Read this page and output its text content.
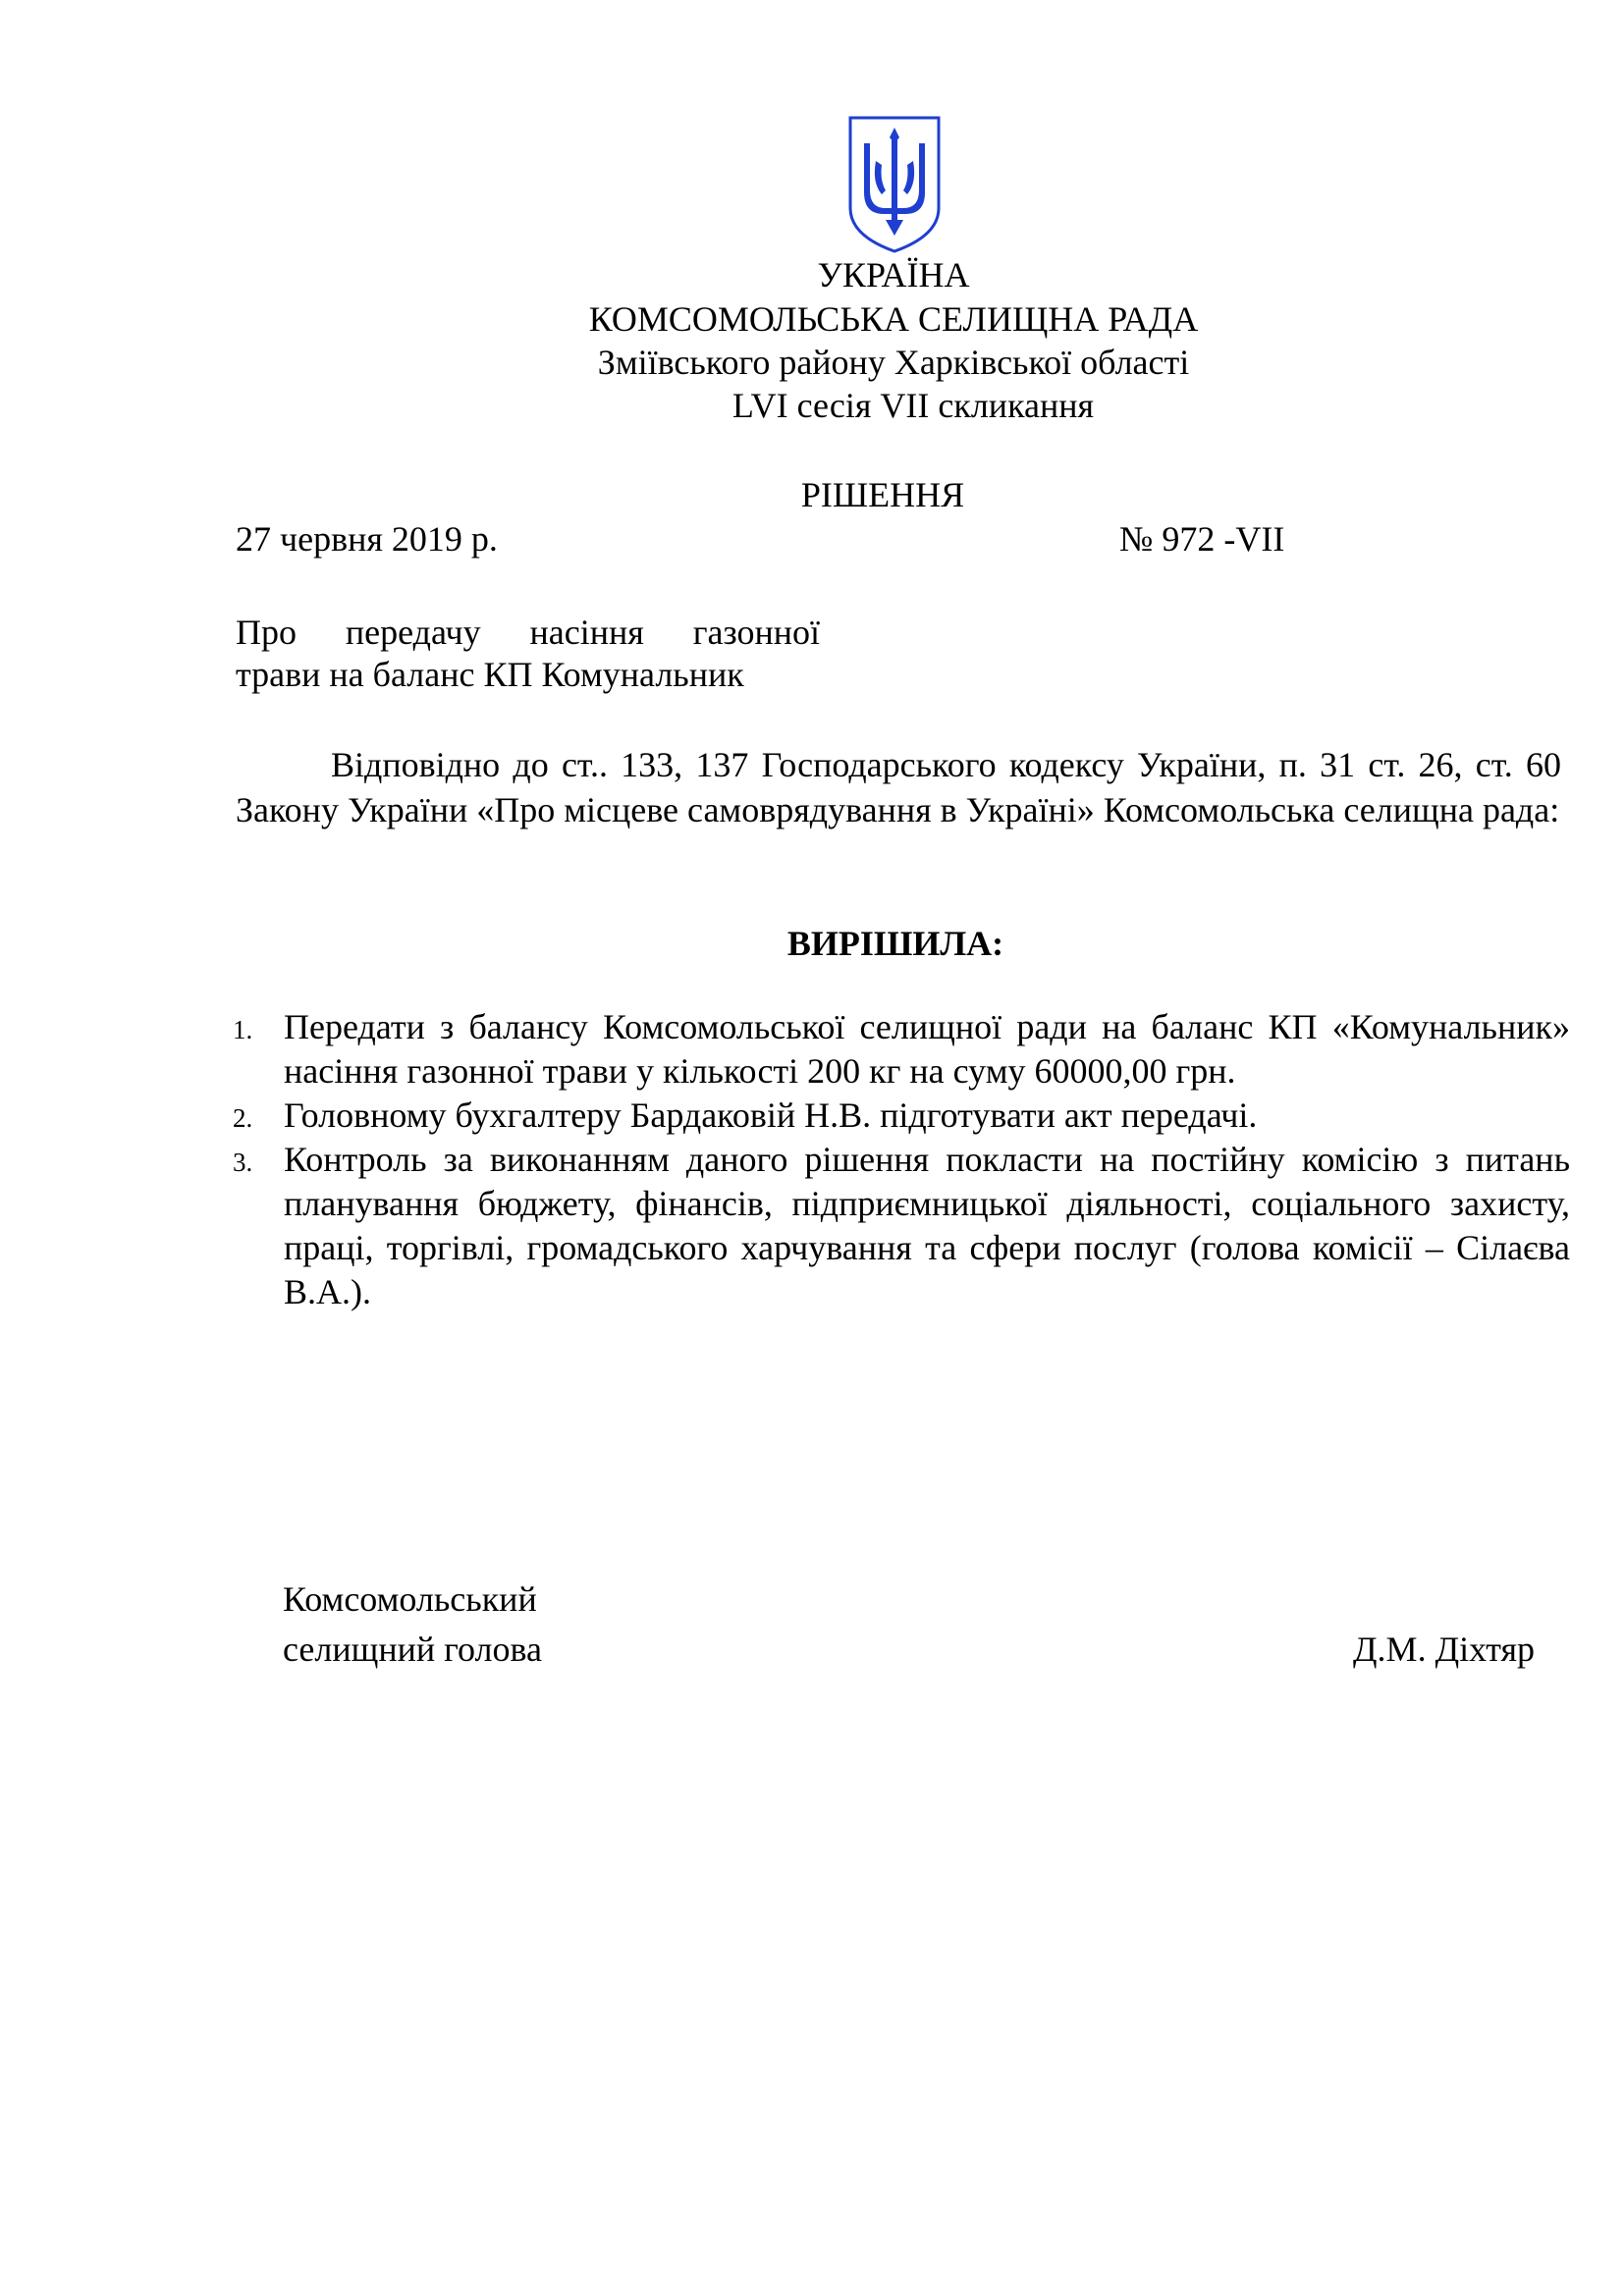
УКРАЇНА
КОМСОМОЛЬСЬКА СЕЛИЩНА РАДА
Зміївського району Харківської області
LVI сесія VII скликання
РІШЕННЯ
27 червня 2019 р.	№ 972 -VII
Про передачу насіння газонної
трави на баланс КП Комунальник
Відповідно до ст.. 133, 137 Господарського кодексу України, п. 31 ст. 26, ст. 60 Закону України «Про місцеве самоврядування в Україні» Комсомольська селищна рада:
ВИРІШИЛА:
1. Передати з балансу Комсомольської селищної ради на баланс КП «Комунальник» насіння газонної трави у кількості 200 кг на суму 60000,00 грн.
2. Головному бухгалтеру Бардаковій Н.В. підготувати акт передачі.
3. Контроль за виконанням даного рішення покласти на постійну комісію з питань планування бюджету, фінансів, підприємницької діяльності, соціального захисту, праці, торгівлі, громадського харчування та сфери послуг (голова комісії – Сілаєва В.А.).
Комсомольський
селищний голова	Д.М. Діхтяр
